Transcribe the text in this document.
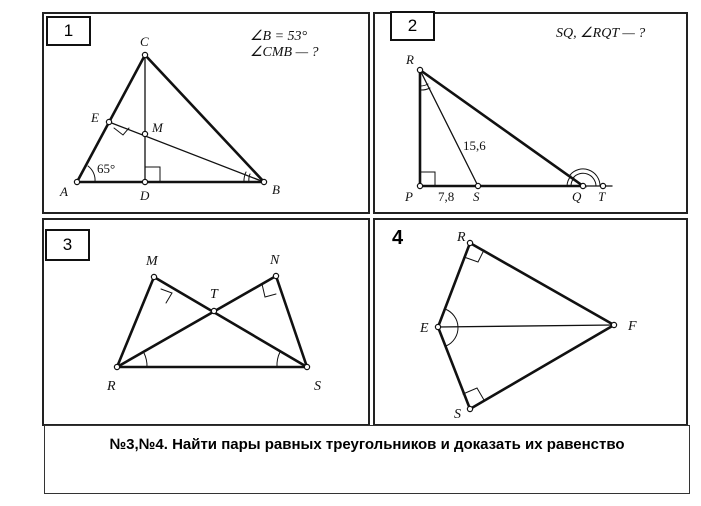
1	2
3	4
A	B
C
D
E
M
65°
∠B = 53°
∠CMB — ?	R
P	S	Q T
15,6
7,8
SQ, ∠RQT — ?
M	N
T
R	S
R
E	F
S
№3,№4. Найти пары равных треугольников и доказать их равенство
